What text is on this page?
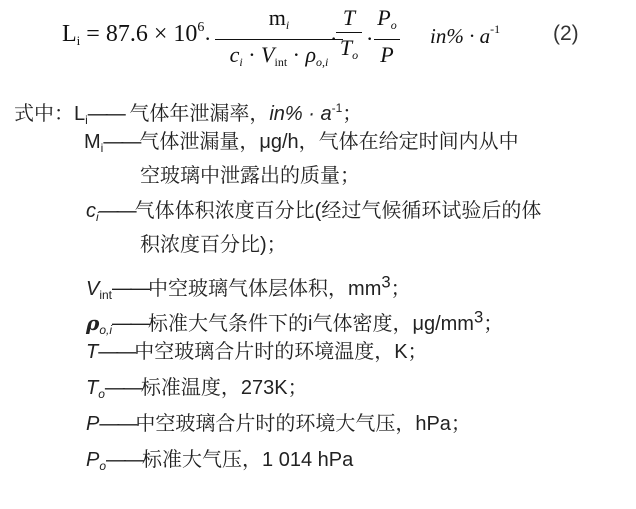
$L_i = 87.6 \times 10^6$ ·
$m_i$
$c_i \cdot V_{int} \cdot \rho_{o,i}$
·
T
$T_o$
·
$P_o$
P
$in\% \cdot a^{-1}$	(2)
式中：$L_i——$ 气体年泄漏率，$in\% \cdot a^{-1}$；
$M_i——$气体泄漏量，μg/h，气体在给定时间内从中
空玻璃中泄露出的质量；
$c_i——$气体体积浓度百分比(经过气候循环试验后的体
积浓度百分比)；
$V_{int}——$中空玻璃气体层体积，$mm^3$；
$\rho_{o,i}——$标准大气条件下的i气体密度，$\mu g/mm^3$；
T——中空玻璃合片时的环境温度，K；
$T_o——$标准温度，273K；
P——中空玻璃合片时的环境大气压，hPa；
$P_o——$标准大气压，1 014 hPa
